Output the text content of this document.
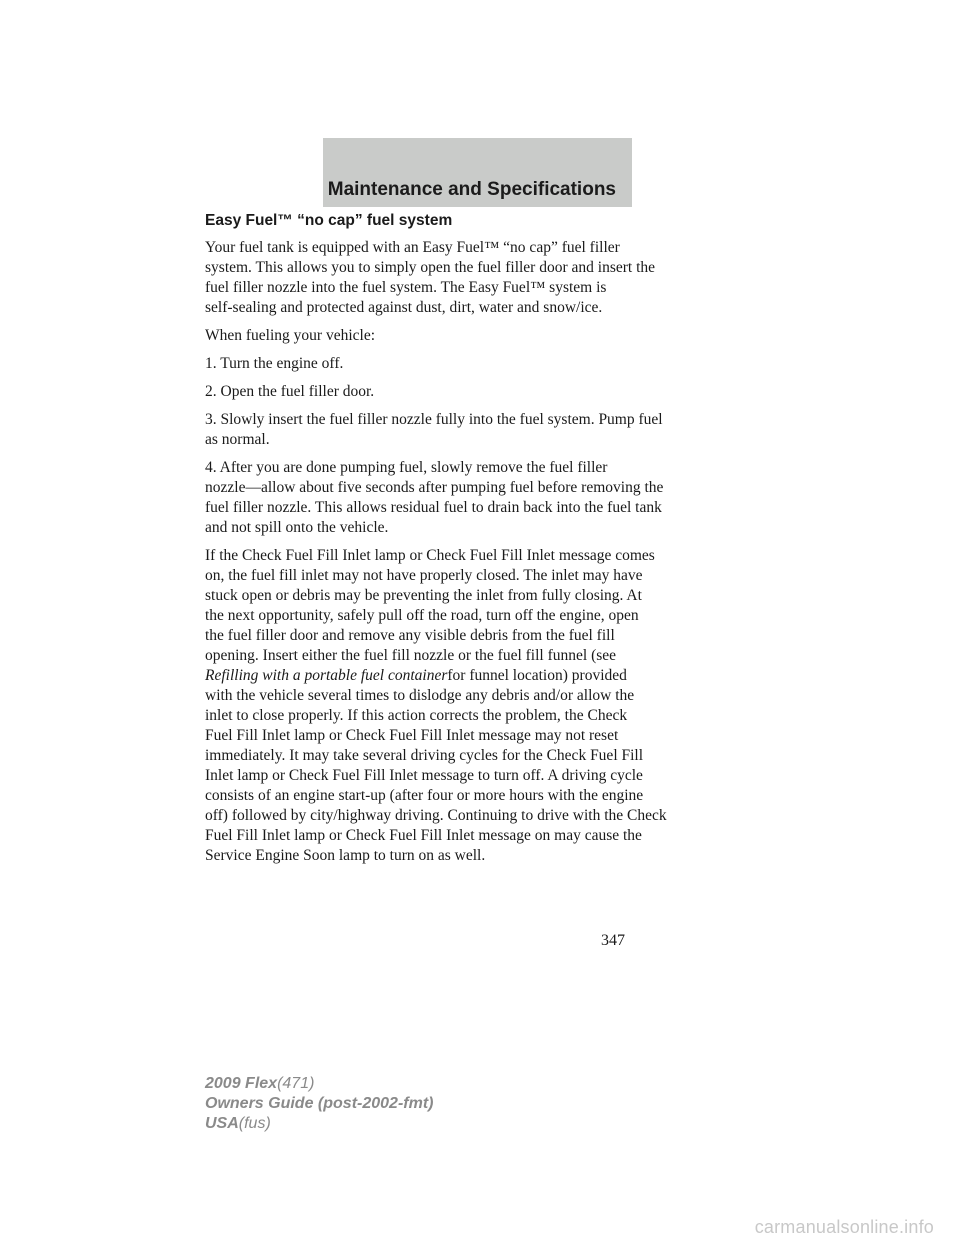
Maintenance and Specifications
Easy Fuel™ “no cap” fuel system

Your fuel tank is equipped with an Easy Fuel™ “no cap” fuel filler
system. This allows you to simply open the fuel filler door and insert the
fuel filler nozzle into the fuel system. The Easy Fuel™ system is
self-sealing and protected against dust, dirt, water and snow/ice.

When fueling your vehicle:

1. Turn the engine off.

2. Open the fuel filler door.

3. Slowly insert the fuel filler nozzle fully into the fuel system. Pump fuel
as normal.

4. After you are done pumping fuel, slowly remove the fuel filler
nozzle—allow about five seconds after pumping fuel before removing the
fuel filler nozzle. This allows residual fuel to drain back into the fuel tank
and not spill onto the vehicle.

If the Check Fuel Fill Inlet lamp or Check Fuel Fill Inlet message comes
on, the fuel fill inlet may not have properly closed. The inlet may have
stuck open or debris may be preventing the inlet from fully closing. At
the next opportunity, safely pull off the road, turn off the engine, open
the fuel filler door and remove any visible debris from the fuel fill
opening. Insert either the fuel fill nozzle or the fuel fill funnel (see
Refilling with a portable fuel containerfor funnel location) provided
with the vehicle several times to dislodge any debris and/or allow the
inlet to close properly. If this action corrects the problem, the Check
Fuel Fill Inlet lamp or Check Fuel Fill Inlet message may not reset
immediately. It may take several driving cycles for the Check Fuel Fill
Inlet lamp or Check Fuel Fill Inlet message to turn off. A driving cycle
consists of an engine start-up (after four or more hours with the engine
off) followed by city/highway driving. Continuing to drive with the Check
Fuel Fill Inlet lamp or Check Fuel Fill Inlet message on may cause the
Service Engine Soon lamp to turn on as well.

347
2009 Flex(471)
Owners Guide (post-2002-fmt)
USA(fus)
carmanualsonline.info
